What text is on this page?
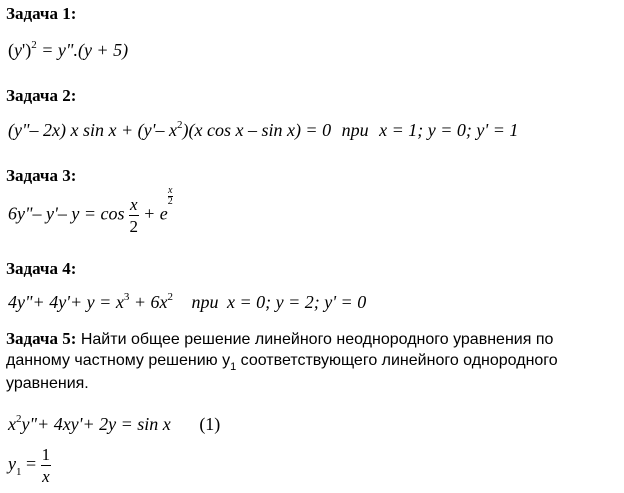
Задача 1:
$(y')^2$ = y".(y + 5)
Задача 2:
(y"– 2x) x sin x + (y'– $x^2)(x$ cos x – sin x) = 0 при x = 1; y = 0; y' = 1
Задача 3:
6y"– y'– $y = \cos \frac{x}{2} + e$
$\frac{x}{2}$
Задача 4:
4y"+ $4y'+ y = x^3 + 6x^2$ при x = 0; y = 2; y' = 0
Задача 5: Найти общее решение линейного неоднородного уравнения по данному частному решению $y_1$ соответствующего линейного однородного уравнения.
$x^2y"+ 4xy'+ 2y = \sin x$ (1)
$y_1 = \frac{1}{x}$
